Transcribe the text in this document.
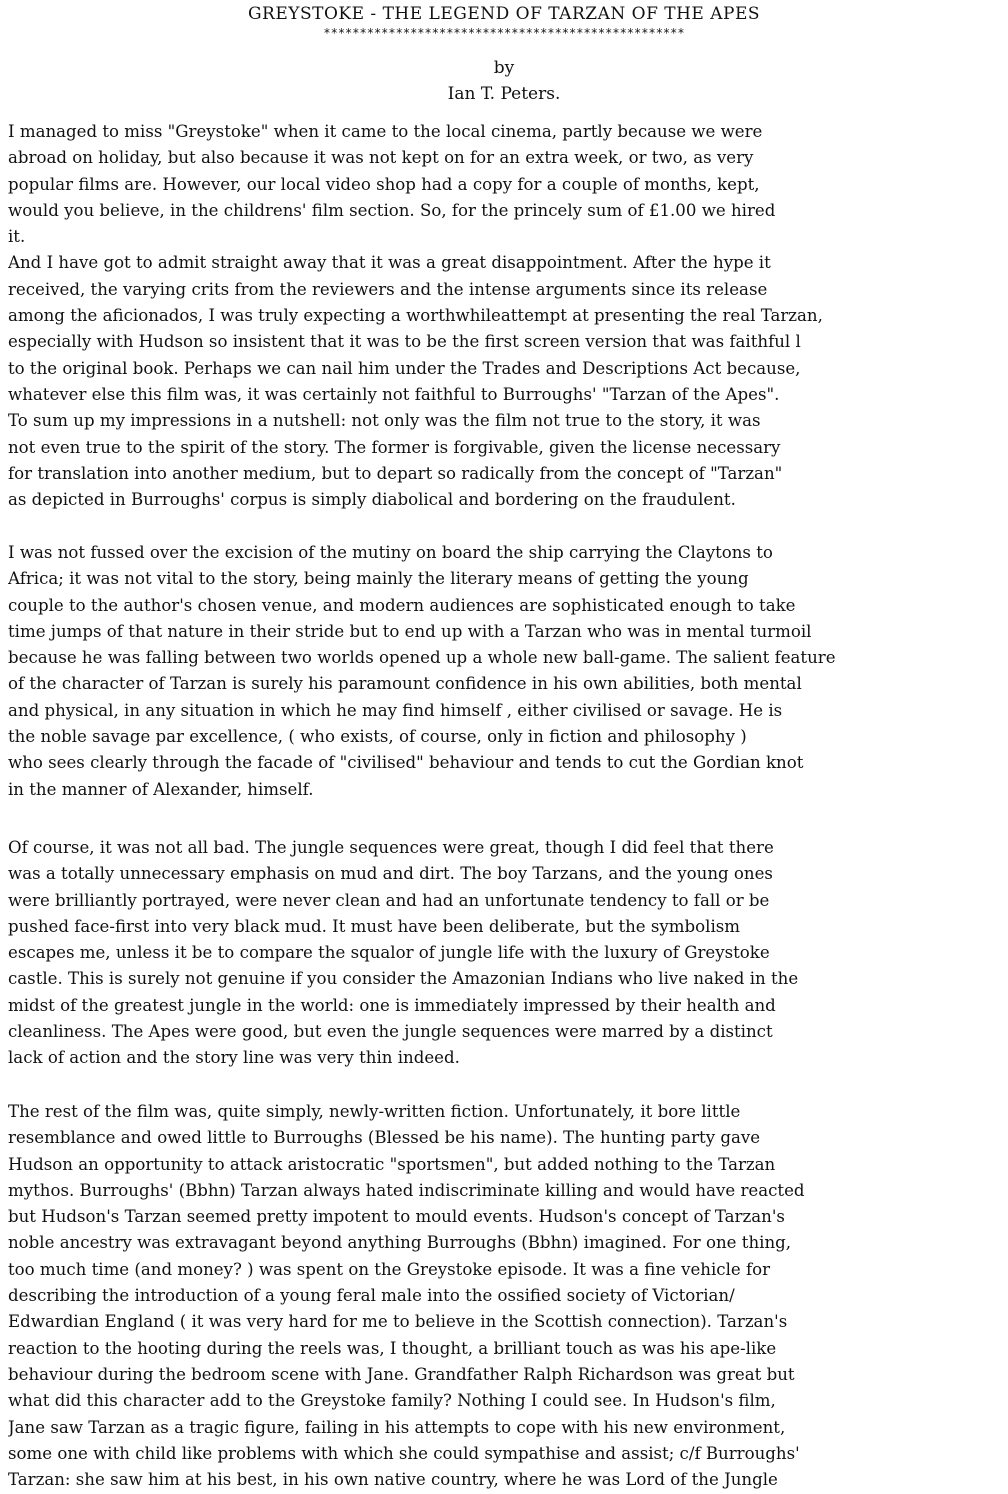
GREYSTOKE - THE LEGEND OF TARZAN OF THE APES
**************************************************
by
Ian T. Peters.
I managed to miss "Greystoke" when it came to the local cinema, partly because we were
abroad on holiday, but also because it was not kept on for an extra week, or two, as very
popular films are. However, our local video shop had a copy for a couple of months, kept,
would you believe, in the childrens' film section. So, for the princely sum of £1.00 we hired
it.
And I have got to admit straight away that it was a great disappointment. After the hype it
received, the varying crits from the reviewers and the intense arguments since its release
among the aficionados, I was truly expecting a worthwhileattempt at presenting the real Tarzan,
especially with Hudson so insistent that it was to be the first screen version that was faithful l
to the original book. Perhaps we can nail him under the Trades and Descriptions Act because,
whatever else this film was, it was certainly not faithful to Burroughs' "Tarzan of the Apes".
To sum up my impressions in a nutshell: not only was the film not true to the story, it was
not even true to the spirit of the story. The former is forgivable, given the license necessary
for translation into another medium, but to depart so radically from the concept of "Tarzan"
as depicted in Burroughs' corpus is simply diabolical and bordering on the fraudulent.
I was not fussed over the excision of the mutiny on board the ship carrying the Claytons to
Africa; it was not vital to the story, being mainly the literary means of getting the young
couple to the author's chosen venue, and modern audiences are sophisticated enough to take
time jumps of that nature in their stride but to end up with a Tarzan who was in mental turmoil
because he was falling between two worlds opened up a whole new ball-game. The salient feature
of the character of Tarzan is surely his paramount confidence in his own abilities, both mental
and physical, in any situation in which he may find himself , either civilised or savage. He is
the noble savage par excellence, ( who exists, of course, only in fiction and philosophy )
who sees clearly through the facade of "civilised" behaviour and tends to cut the Gordian knot
in the manner of Alexander, himself.
Of course, it was not all bad. The jungle sequences were great, though I did feel that there
was a totally unnecessary emphasis on mud and dirt. The boy Tarzans, and the young ones
were brilliantly portrayed, were never clean and had an unfortunate tendency to fall or be
pushed face-first into very black mud. It must have been deliberate, but the symbolism
escapes me, unless it be to compare the squalor of jungle life with the luxury of Greystoke
castle. This is surely not genuine if you consider the Amazonian Indians who live naked in the
midst of the greatest jungle in the world: one is immediately impressed by their health and
cleanliness. The Apes were good, but even the jungle sequences were marred by a distinct
lack of action and the story line was very thin indeed.
The rest of the film was, quite simply, newly-written fiction. Unfortunately, it bore little
resemblance and owed little to Burroughs (Blessed be his name). The hunting party gave
Hudson an opportunity to attack aristocratic "sportsmen", but added nothing to the Tarzan
mythos. Burroughs' (Bbhn) Tarzan always hated indiscriminate killing and would have reacted
but Hudson's Tarzan seemed pretty impotent to mould events. Hudson's concept of Tarzan's
noble ancestry was extravagant beyond anything Burroughs (Bbhn) imagined. For one thing,
too much time (and money? ) was spent on the Greystoke episode. It was a fine vehicle for
describing the introduction of a young feral male into the ossified society of Victorian/
Edwardian England ( it was very hard for me to believe in the Scottish connection). Tarzan's
reaction to the hooting during the reels was, I thought, a brilliant touch as was his ape-like
behaviour during the bedroom scene with Jane. Grandfather Ralph Richardson was great but
what did this character add to the Greystoke family? Nothing I could see. In Hudson's film,
Jane saw Tarzan as a tragic figure, failing in his attempts to cope with his new environment,
some one with child like problems with which she could sympathise and assist; c/f Burroughs'
Tarzan: she saw him at his best, in his own native country, where he was Lord of the Jungle
